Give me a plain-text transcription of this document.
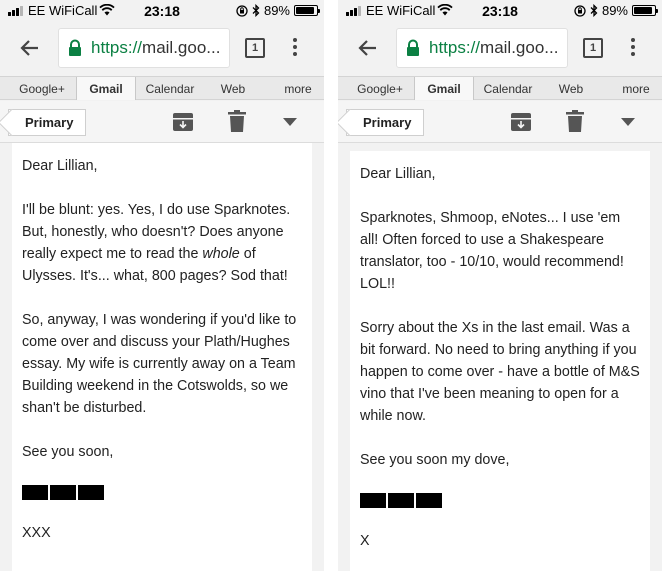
EE WiFiCall	23:18	89%
https://mail.goo...	1
Google+	Gmail	Calendar	Web	more
Primary

Dear Lillian,

I'll be blunt: yes. Yes, I do use Sparknotes. But, honestly, who doesn't? Does anyone really expect me to read the whole of Ulysses. It's... what, 800 pages? Sod that!

So, anyway, I was wondering if you'd like to come over and discuss your Plath/Hughes essay. My wife is currently away on a Team Building weekend in the Cotswolds, so we shan't be disturbed.

See you soon,

XXX

EE WiFiCall	23:18	89%
https://mail.goo...	1
Google+	Gmail	Calendar	Web	more
Primary

Dear Lillian,

Sparknotes, Shmoop, eNotes... I use 'em all! Often forced to use a Shakespeare translator, too - 10/10, would recommend! LOL!!

Sorry about the Xs in the last email. Was a bit forward. No need to bring anything if you happen to come over - have a bottle of M&S vino that I've been meaning to open for a while now.

See you soon my dove,

X
